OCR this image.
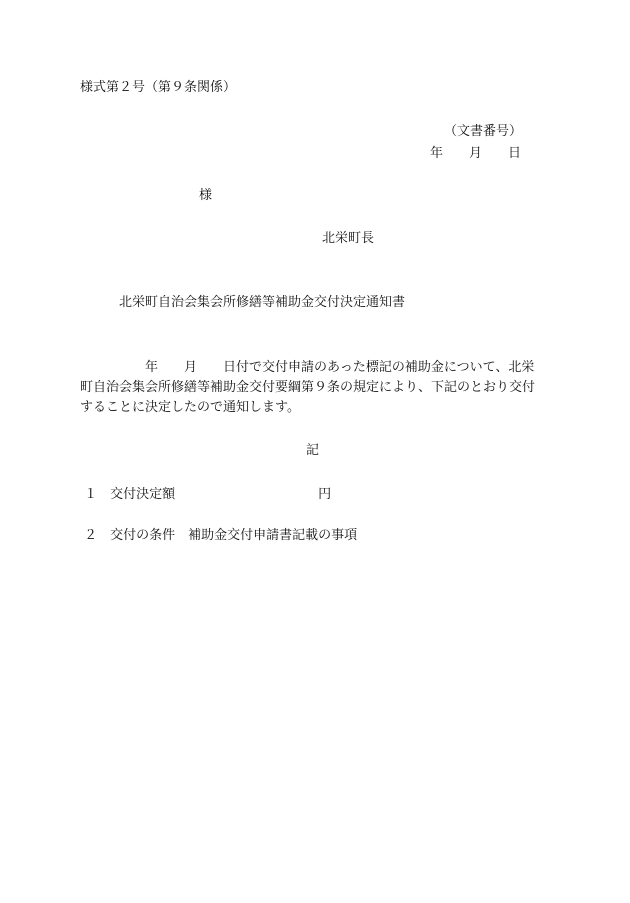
様式第２号（第９条関係）
（文書番号）
年　　月　　日
様
北栄町長
北栄町自治会集会所修繕等補助金交付決定通知書
　　　　　年　　月　　日付で交付申請のあった標記の補助金について、北栄
町自治会集会所修繕等補助金交付要綱第９条の規定により、下記のとおり交付
することに決定したので通知します。
記
１　交付決定額　　　　　　　　　　　円
２　交付の条件　補助金交付申請書記載の事項
